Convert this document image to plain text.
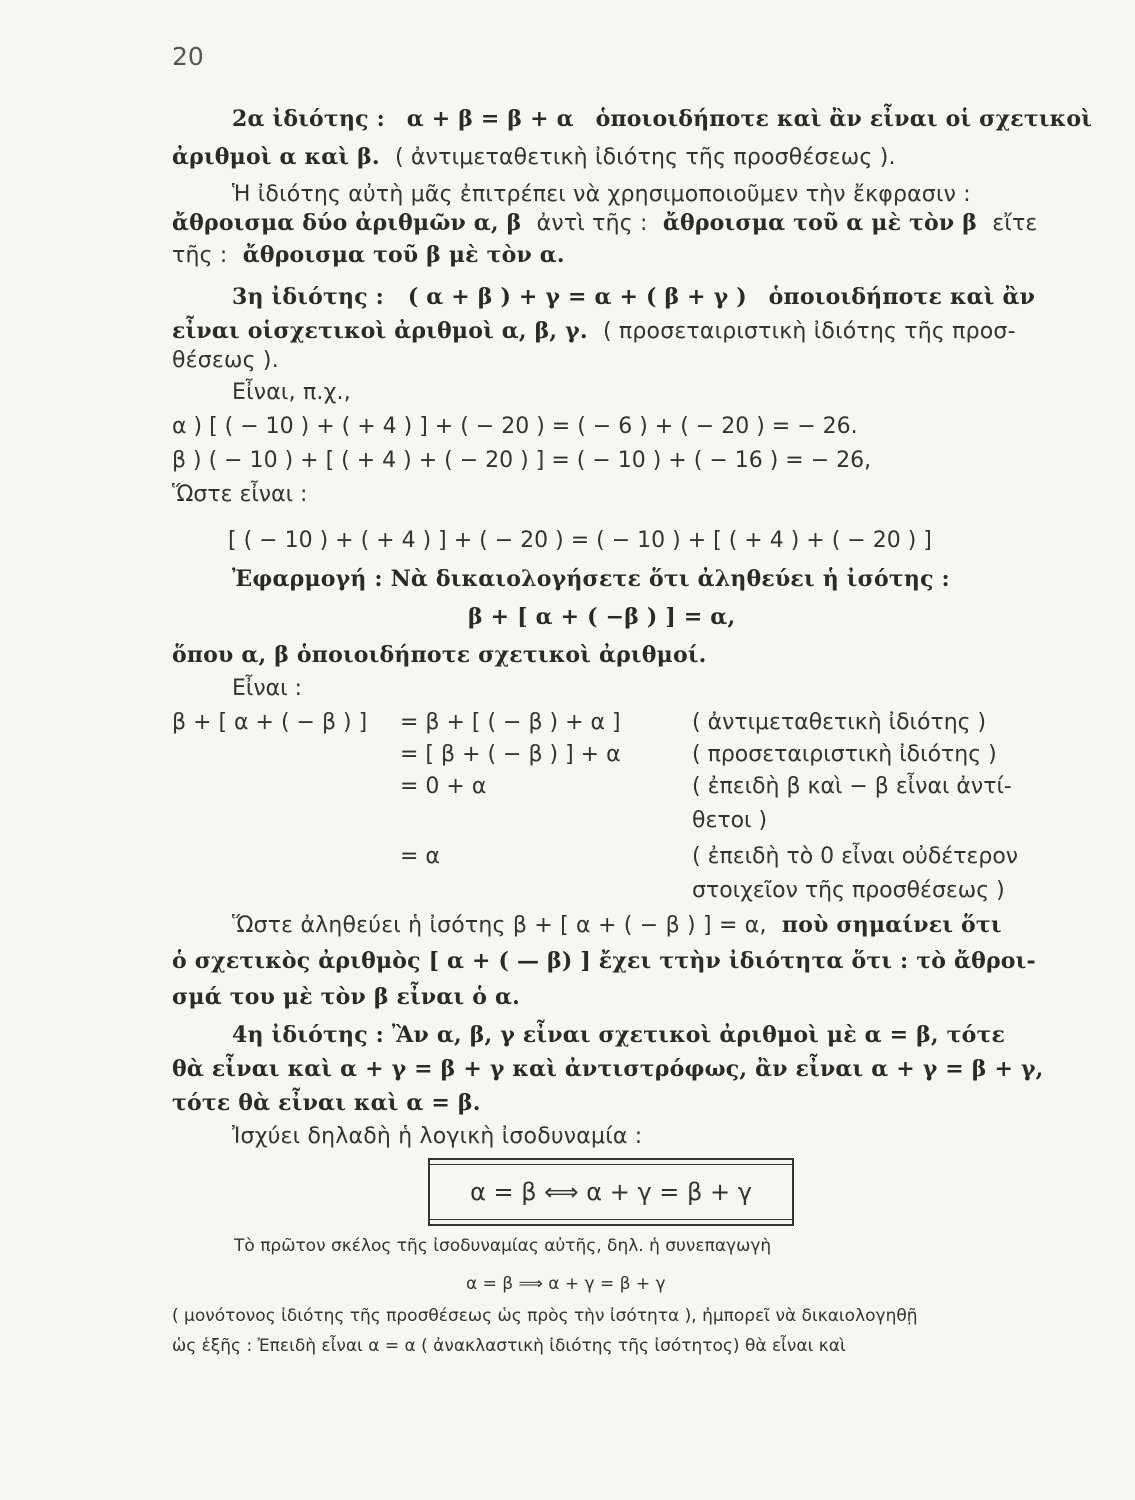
20
2α ἰδιότης : α + β = β + α ὁποιοιδήποτε καὶ ἂν εἶναι οἱ σχετικοὶ
ἀριθμοὶ α καὶ β. ( ἀντιμεταθετικὴ ἰδιότης τῆς προσθέσεως ).
Ἡ ἰδιότης αὐτὴ μᾶς ἐπιτρέπει νὰ χρησιμοποιοῦμεν τὴν ἔκφρασιν :
ἄθροισμα δύο ἀριθμῶν α, β ἀντὶ τῆς : ἄθροισμα τοῦ α μὲ τὸν β εἴτε
τῆς : ἄθροισμα τοῦ β μὲ τὸν α.
3η ἰδιότης : ( α + β ) + γ = α + ( β + γ ) ὁποιοιδήποτε καὶ ἂν
εἶναι οἱσχετικοὶ ἀριθμοὶ α, β, γ. ( προσεταιριστικὴ ἰδιότης τῆς προσ-
θέσεως ).
Εἶναι, π.χ.,
α ) [ ( − 10 ) + ( + 4 ) ] + ( − 20 ) = ( − 6 ) + ( − 20 ) = − 26.
β ) ( − 10 ) + [ ( + 4 ) + ( − 20 ) ] = ( − 10 ) + ( − 16 ) = − 26,
Ὥστε εἶναι :
[ ( − 10 ) + ( + 4 ) ] + ( − 20 ) = ( − 10 ) + [ ( + 4 ) + ( − 20 ) ]
Ἐφαρμογή : Νὰ δικαιολογήσετε ὅτι ἀληθεύει ἡ ἰσότης :
β + [ α + ( −β ) ] = α,
ὅπου α, β ὁποιοιδήποτε σχετικοὶ ἀριθμοί.
Εἶναι :
β + [ α + ( − β ) ] = β + [ ( − β ) + α ]	( ἀντιμεταθετικὴ ἰδιότης )
= [ β + ( − β ) ] + α	( προσεταιριστικὴ ἰδιότης )
= 0 + α	( ἐπειδὴ β καὶ − β εἶναι ἀντί-
θετοι )
= α	( ἐπειδὴ τὸ 0 εἶναι οὐδέτερον
στοιχεῖον τῆς προσθέσεως )
Ὥστε ἀληθεύει ἡ ἰσότης β + [ α + ( − β ) ] = α, ποὺ σημαίνει ὅτι
ὁ σχετικὸς ἀριθμὸς [ α + ( — β) ] ἔχει ττὴν ἰδιότητα ὅτι : τὸ ἄθροι-
σμά του μὲ τὸν β εἶναι ὁ α.
4η ἰδιότης : Ἂν α, β, γ εἶναι σχετικοὶ ἀριθμοὶ μὲ α = β, τότε
θὰ εἶναι καὶ α + γ = β + γ καὶ ἀντιστρόφως, ἂν εἶναι α + γ = β + γ,
τότε θὰ εἶναι καὶ α = β.
Ἰσχύει δηλαδὴ ἡ λογικὴ ἰσοδυναμία :
α = β ⟺ α + γ = β + γ
Τὸ πρῶτον σκέλος τῆς ἰσοδυναμίας αὐτῆς, δηλ. ἡ συνεπαγωγὴ
α = β ⟹ α + γ = β + γ
( μονότονος ἰδιότης τῆς προσθέσεως ὡς πρὸς τὴν ἰσότητα ), ἠμπορεῖ νὰ δικαιολογηθῇ
ὡς ἑξῆς : Ἐπειδὴ εἶναι α = α ( ἀνακλαστικὴ ἰδιότης τῆς ἰσότητος) θὰ εἶναι καὶ
